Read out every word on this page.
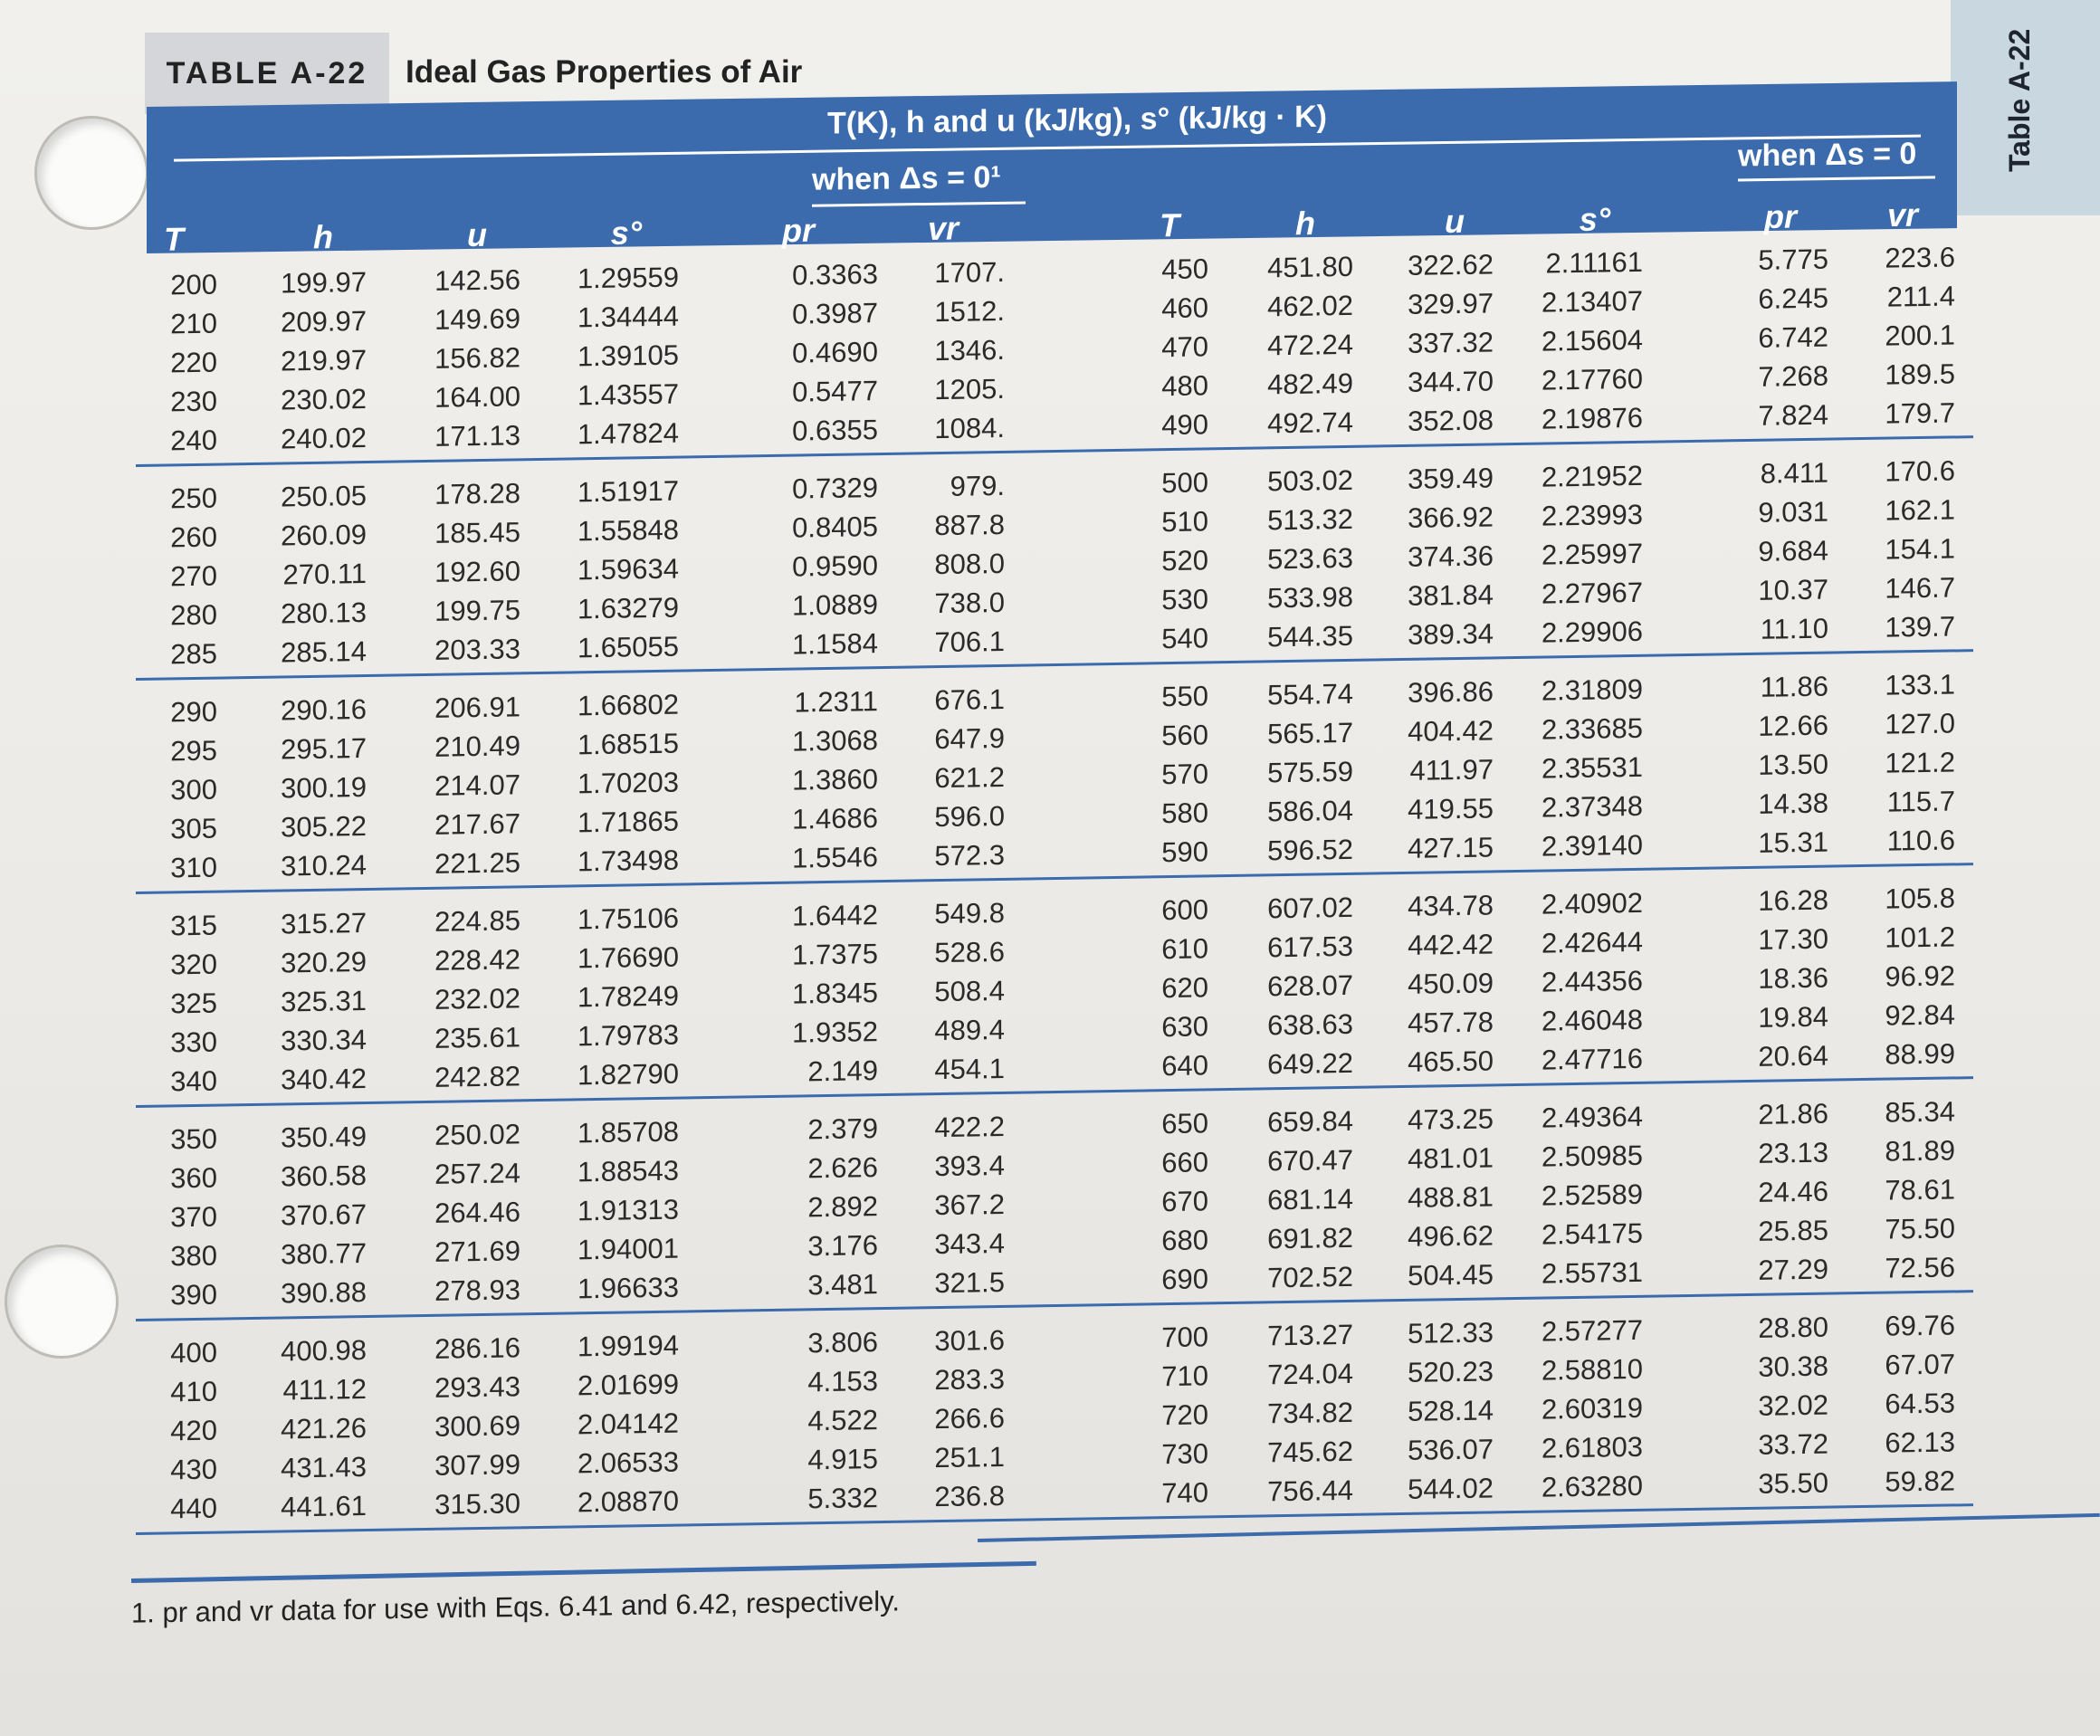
TABLE A-22	Ideal Gas Properties of Air	Table A-22
T(K), h and u (kJ/kg), s° (kJ/kg · K)
when Δs = 0¹
when Δs = 0
T	h	u	s°	pr	vr	T	h	u	s°	pr	vr
200 199.97 142.56 1.29559	0.3363 1707.	450 451.80 322.62 2.11161	5.775 223.6
210 209.97 149.69 1.34444	0.3987 1512.	460 462.02 329.97 2.13407	6.245 211.4
220 219.97 156.82 1.39105	0.4690 1346.	470 472.24 337.32 2.15604	6.742 200.1
230 230.02 164.00 1.43557	0.5477 1205.	480 482.49 344.70 2.17760	7.268 189.5
240 240.02 171.13 1.47824	0.6355 1084.	490 492.74 352.08 2.19876	7.824 179.7
250 250.05 178.28 1.51917	0.7329	979.	500 503.02 359.49 2.21952	8.411 170.6
260 260.09 185.45 1.55848	0.8405 887.8	510 513.32 366.92 2.23993	9.031 162.1
270 270.11 192.60 1.59634	0.9590 808.0	520 523.63 374.36 2.25997	9.684 154.1
280 280.13 199.75 1.63279	1.0889 738.0	530 533.98 381.84 2.27967	10.37 146.7
285 285.14 203.33 1.65055	1.1584 706.1	540 544.35 389.34 2.29906	11.10 139.7
290 290.16 206.91 1.66802	1.2311 676.1	550 554.74 396.86 2.31809	11.86 133.1
295 295.17 210.49 1.68515	1.3068 647.9	560 565.17 404.42 2.33685	12.66 127.0
300 300.19 214.07 1.70203	1.3860 621.2	570 575.59 411.97 2.35531	13.50 121.2
305 305.22 217.67 1.71865	1.4686 596.0	580 586.04 419.55 2.37348	14.38 115.7
310 310.24 221.25 1.73498	1.5546 572.3	590 596.52 427.15 2.39140	15.31 110.6
315 315.27 224.85 1.75106	1.6442 549.8	600 607.02 434.78 2.40902	16.28 105.8
320 320.29 228.42 1.76690	1.7375 528.6	610 617.53 442.42 2.42644	17.30 101.2
325 325.31 232.02 1.78249	1.8345 508.4	620 628.07 450.09 2.44356	18.36 96.92
330 330.34 235.61 1.79783	1.9352 489.4	630 638.63 457.78 2.46048	19.84 92.84
340 340.42 242.82 1.82790	2.149 454.1	640 649.22 465.50 2.47716	20.64 88.99
350 350.49 250.02 1.85708	2.379 422.2	650 659.84 473.25 2.49364	21.86 85.34
360 360.58 257.24 1.88543	2.626 393.4	660 670.47 481.01 2.50985	23.13 81.89
370 370.67 264.46 1.91313	2.892 367.2	670 681.14 488.81 2.52589	24.46 78.61
380 380.77 271.69 1.94001	3.176 343.4	680 691.82 496.62 2.54175	25.85 75.50
390 390.88 278.93 1.96633	3.481 321.5	690 702.52 504.45 2.55731	27.29 72.56
400 400.98 286.16 1.99194	3.806 301.6	700 713.27 512.33 2.57277	28.80 69.76
410 411.12 293.43 2.01699	4.153 283.3	710 724.04 520.23 2.58810	30.38 67.07
420 421.26 300.69 2.04142	4.522 266.6	720 734.82 528.14 2.60319	32.02 64.53
430 431.43 307.99 2.06533	4.915 251.1	730 745.62 536.07 2.61803	33.72 62.13
440 441.61 315.30 2.08870	5.332 236.8	740 756.44 544.02 2.63280	35.50 59.82
1. pr and vr data for use with Eqs. 6.41 and 6.42, respectively.
